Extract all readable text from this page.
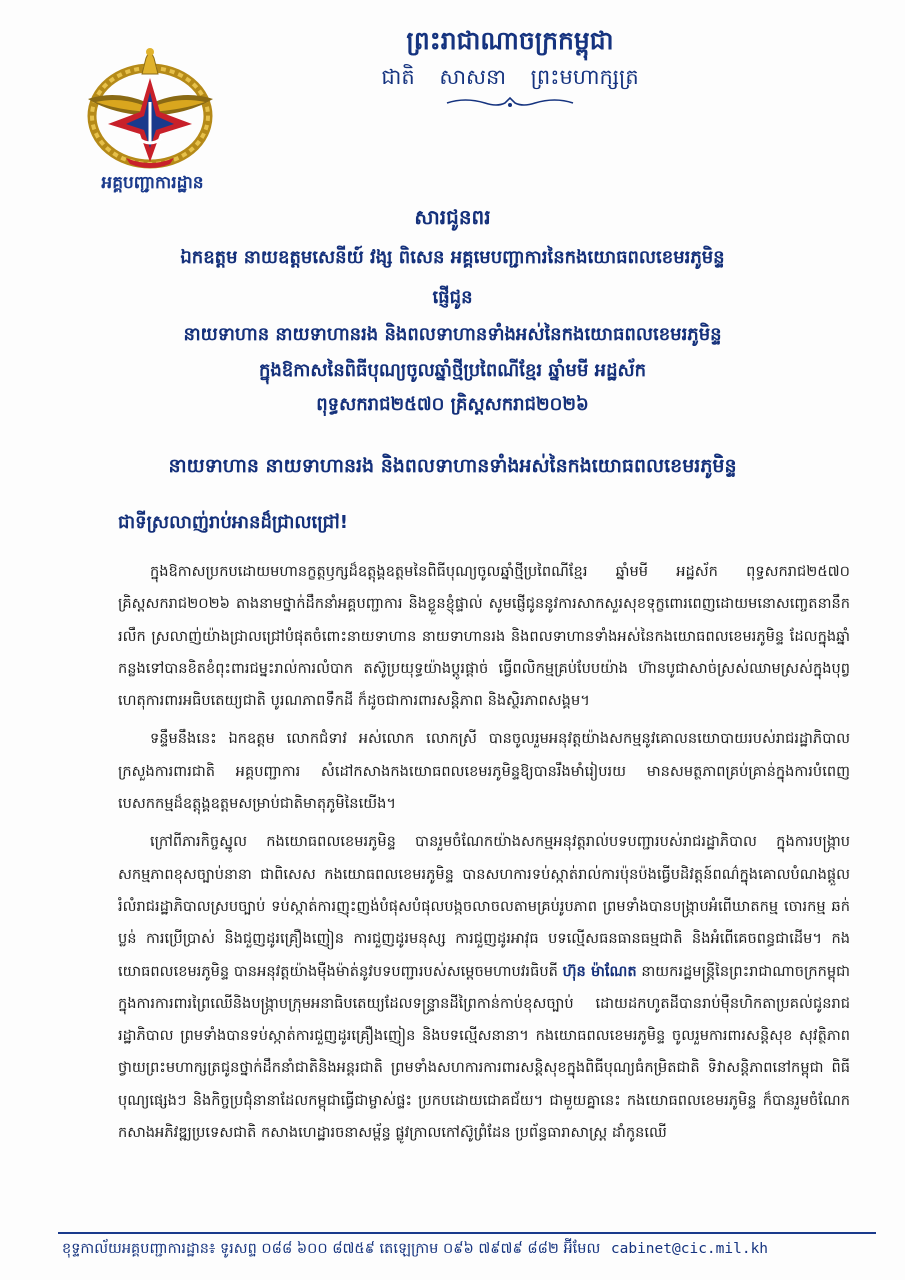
អគ្គបញ្ជាការដ្ឋាន
ព្រះរាជាណាចក្រកម្ពុជា
ជាតិ សាសនា ព្រះមហាក្សត្រ
សារជូនពរ
ឯកឧត្តម នាយឧត្តមសេនីយ៍ វង្ស ពិសេន អគ្គមេបញ្ជាការនៃកងយោធពលខេមរភូមិន្ទ
ផ្ញើជូន
នាយទាហាន នាយទាហានរង និងពលទាហានទាំងអស់នៃកងយោធពលខេមរភូមិន្ទ
ក្នុងឱកាសនៃពិធីបុណ្យចូលឆ្នាំថ្មីប្រពៃណីខ្មែរ ឆ្នាំមមី អដ្ឋស័ក
ពុទ្ធសករាជ២៥៧០ គ្រិស្តសករាជ២០២៦
នាយទាហាន នាយទាហានរង និងពលទាហានទាំងអស់នៃកងយោធពលខេមរភូមិន្ទ
ជាទីស្រលាញ់រាប់អានដ៏ជ្រាលជ្រៅ!

ក្នុងឱកាសប្រកបដោយមហានក្ខត្តឫក្សដ៏ឧត្តុង្គឧត្តមនៃពិធីបុណ្យចូលឆ្នាំថ្មីប្រពៃណីខ្មែរ ឆ្នាំមមី អដ្ឋស័ក ពុទ្ធសករាជ២៥៧០ គ្រិស្តសករាជ២០២៦ តាងនាមថ្នាក់ដឹកនាំអគ្គបញ្ជាការ និងខ្លួនខ្ញុំផ្ទាល់ សូមផ្ញើជូននូវការសាកសួរសុខទុក្ខពោរពេញដោយមនោសញ្ចេតនានឹករលឹក ស្រលាញ់យ៉ាងជ្រាលជ្រៅបំផុតចំពោះនាយទាហាន នាយទាហានរង និងពលទាហានទាំងអស់នៃកងយោធពលខេមរភូមិន្ទ ដែលក្នុងឆ្នាំកន្លងទៅបានខិតខំពុះពារជម្នះរាល់ការលំបាក តស៊ូប្រយុទ្ធយ៉ាងប្តូរផ្តាច់ ធ្វើពលិកម្មគ្រប់បែបយ៉ាង ហ៊ានបូជាសាច់ស្រស់ឈាមស្រស់ក្នុងបុព្វហេតុការពារអធិបតេយ្យជាតិ បូរណភាពទឹកដី ក៏ដូចជាការពារសន្តិភាព និងស្ថិរភាពសង្គម។

ទន្ទឹមនឹងនេះ ឯកឧត្តម លោកជំទាវ អស់លោក លោកស្រី បានចូលរួមអនុវត្តយ៉ាងសកម្មនូវគោលនយោបាយរបស់រាជរដ្ឋាភិបាល ក្រសួងការពារជាតិ អគ្គបញ្ជាការ សំដៅកសាងកងយោធពលខេមរភូមិន្ទឱ្យបានរឹងមាំរៀបរយ មានសមត្ថភាពគ្រប់គ្រាន់ក្នុងការបំពេញបេសកកម្មដ៏ឧត្តុង្គឧត្តមសម្រាប់ជាតិមាតុភូមិនៃយើង។

ក្រៅពីភារកិច្ចស្នូល កងយោធពលខេមរភូមិន្ទ បានរួមចំណែកយ៉ាងសកម្មអនុវត្តរាល់បទបញ្ជារបស់រាជរដ្ឋាភិបាល ក្នុងការបង្ក្រាបសកម្មភាពខុសច្បាប់នានា ជាពិសេស កងយោធពលខេមរភូមិន្ទ បានសហការទប់ស្កាត់រាល់ការប៉ុនប៉ងធ្វើបដិវត្តន៍ពណ៌ក្នុងគោលបំណងផ្តួលរំលំរាជរដ្ឋាភិបាលស្របច្បាប់ ទប់ស្កាត់ការញុះញង់បំផុសបំផុលបង្កចលាចលតាមគ្រប់រូបភាព ព្រមទាំងបានបង្ក្រាបអំពើឃាតកម្ម ចោរកម្ម ឆក់ ប្លន់ ការប្រើប្រាស់ និងជួញដូរគ្រឿងញៀន ការជួញដូរមនុស្ស ការជួញដូរអាវុធ បទល្មើសធនធានធម្មជាតិ និងអំពើគេចពន្ធជាដើម។ កងយោធពលខេមរភូមិន្ទ បានអនុវត្តយ៉ាងម៉ឺងម៉ាត់នូវបទបញ្ជារបស់សម្តេចមហាបវរធិបតី ហ៊ុន ម៉ាណែត នាយករដ្ឋមន្ត្រីនៃព្រះរាជាណាចក្រកម្ពុជា ក្នុងការការពារព្រៃឈើនិងបង្ក្រាបក្រុមអនាធិបតេយ្យដែលទន្ទ្រានដីព្រៃកាន់កាប់ខុសច្បាប់ ដោយដកហូតដីបានរាប់ម៉ឺនហិកតាប្រគល់ជូនរាជរដ្ឋាភិបាល ព្រមទាំងបានទប់ស្កាត់ការជួញដូរគ្រឿងញៀន និងបទល្មើសនានា។ កងយោធពលខេមរភូមិន្ទ ចូលរួមការពារសន្តិសុខ សុវត្ថិភាព ថ្វាយព្រះមហាក្សត្រជូនថ្នាក់ដឹកនាំជាតិនិងអន្តរជាតិ ព្រមទាំងសហការការពារសន្តិសុខក្នុងពិធីបុណ្យធំកម្រិតជាតិ ទិវាសន្តិភាពនៅកម្ពុជា ពិធីបុណ្យផ្សេងៗ និងកិច្ចប្រជុំនានាដែលកម្ពុជាធ្វើជាម្ចាស់ផ្ទះ ប្រកបដោយជោគជ័យ។ ជាមួយគ្នានេះ កងយោធពលខេមរភូមិន្ទ ក៏បានរួមចំណែកកសាងអភិវឌ្ឍប្រទេសជាតិ កសាងហេដ្ឋារចនាសម្ព័ន្ធ ផ្លូវក្រាលកៅស៊ូព្រំដែន ប្រព័ន្ធធារាសាស្ត្រ ដាំកូនឈើ

ខុទ្ទកាល័យអគ្គបញ្ជាការដ្ឋាន៖ ទូរសព្ទ ០៨៨ ៦០០ ៨៧៥៩ តេឡេក្រាម ០៩៦ ៧៩៧៩ ៨៨២ អ៊ីមែល cabinet@cic.mil.kh
